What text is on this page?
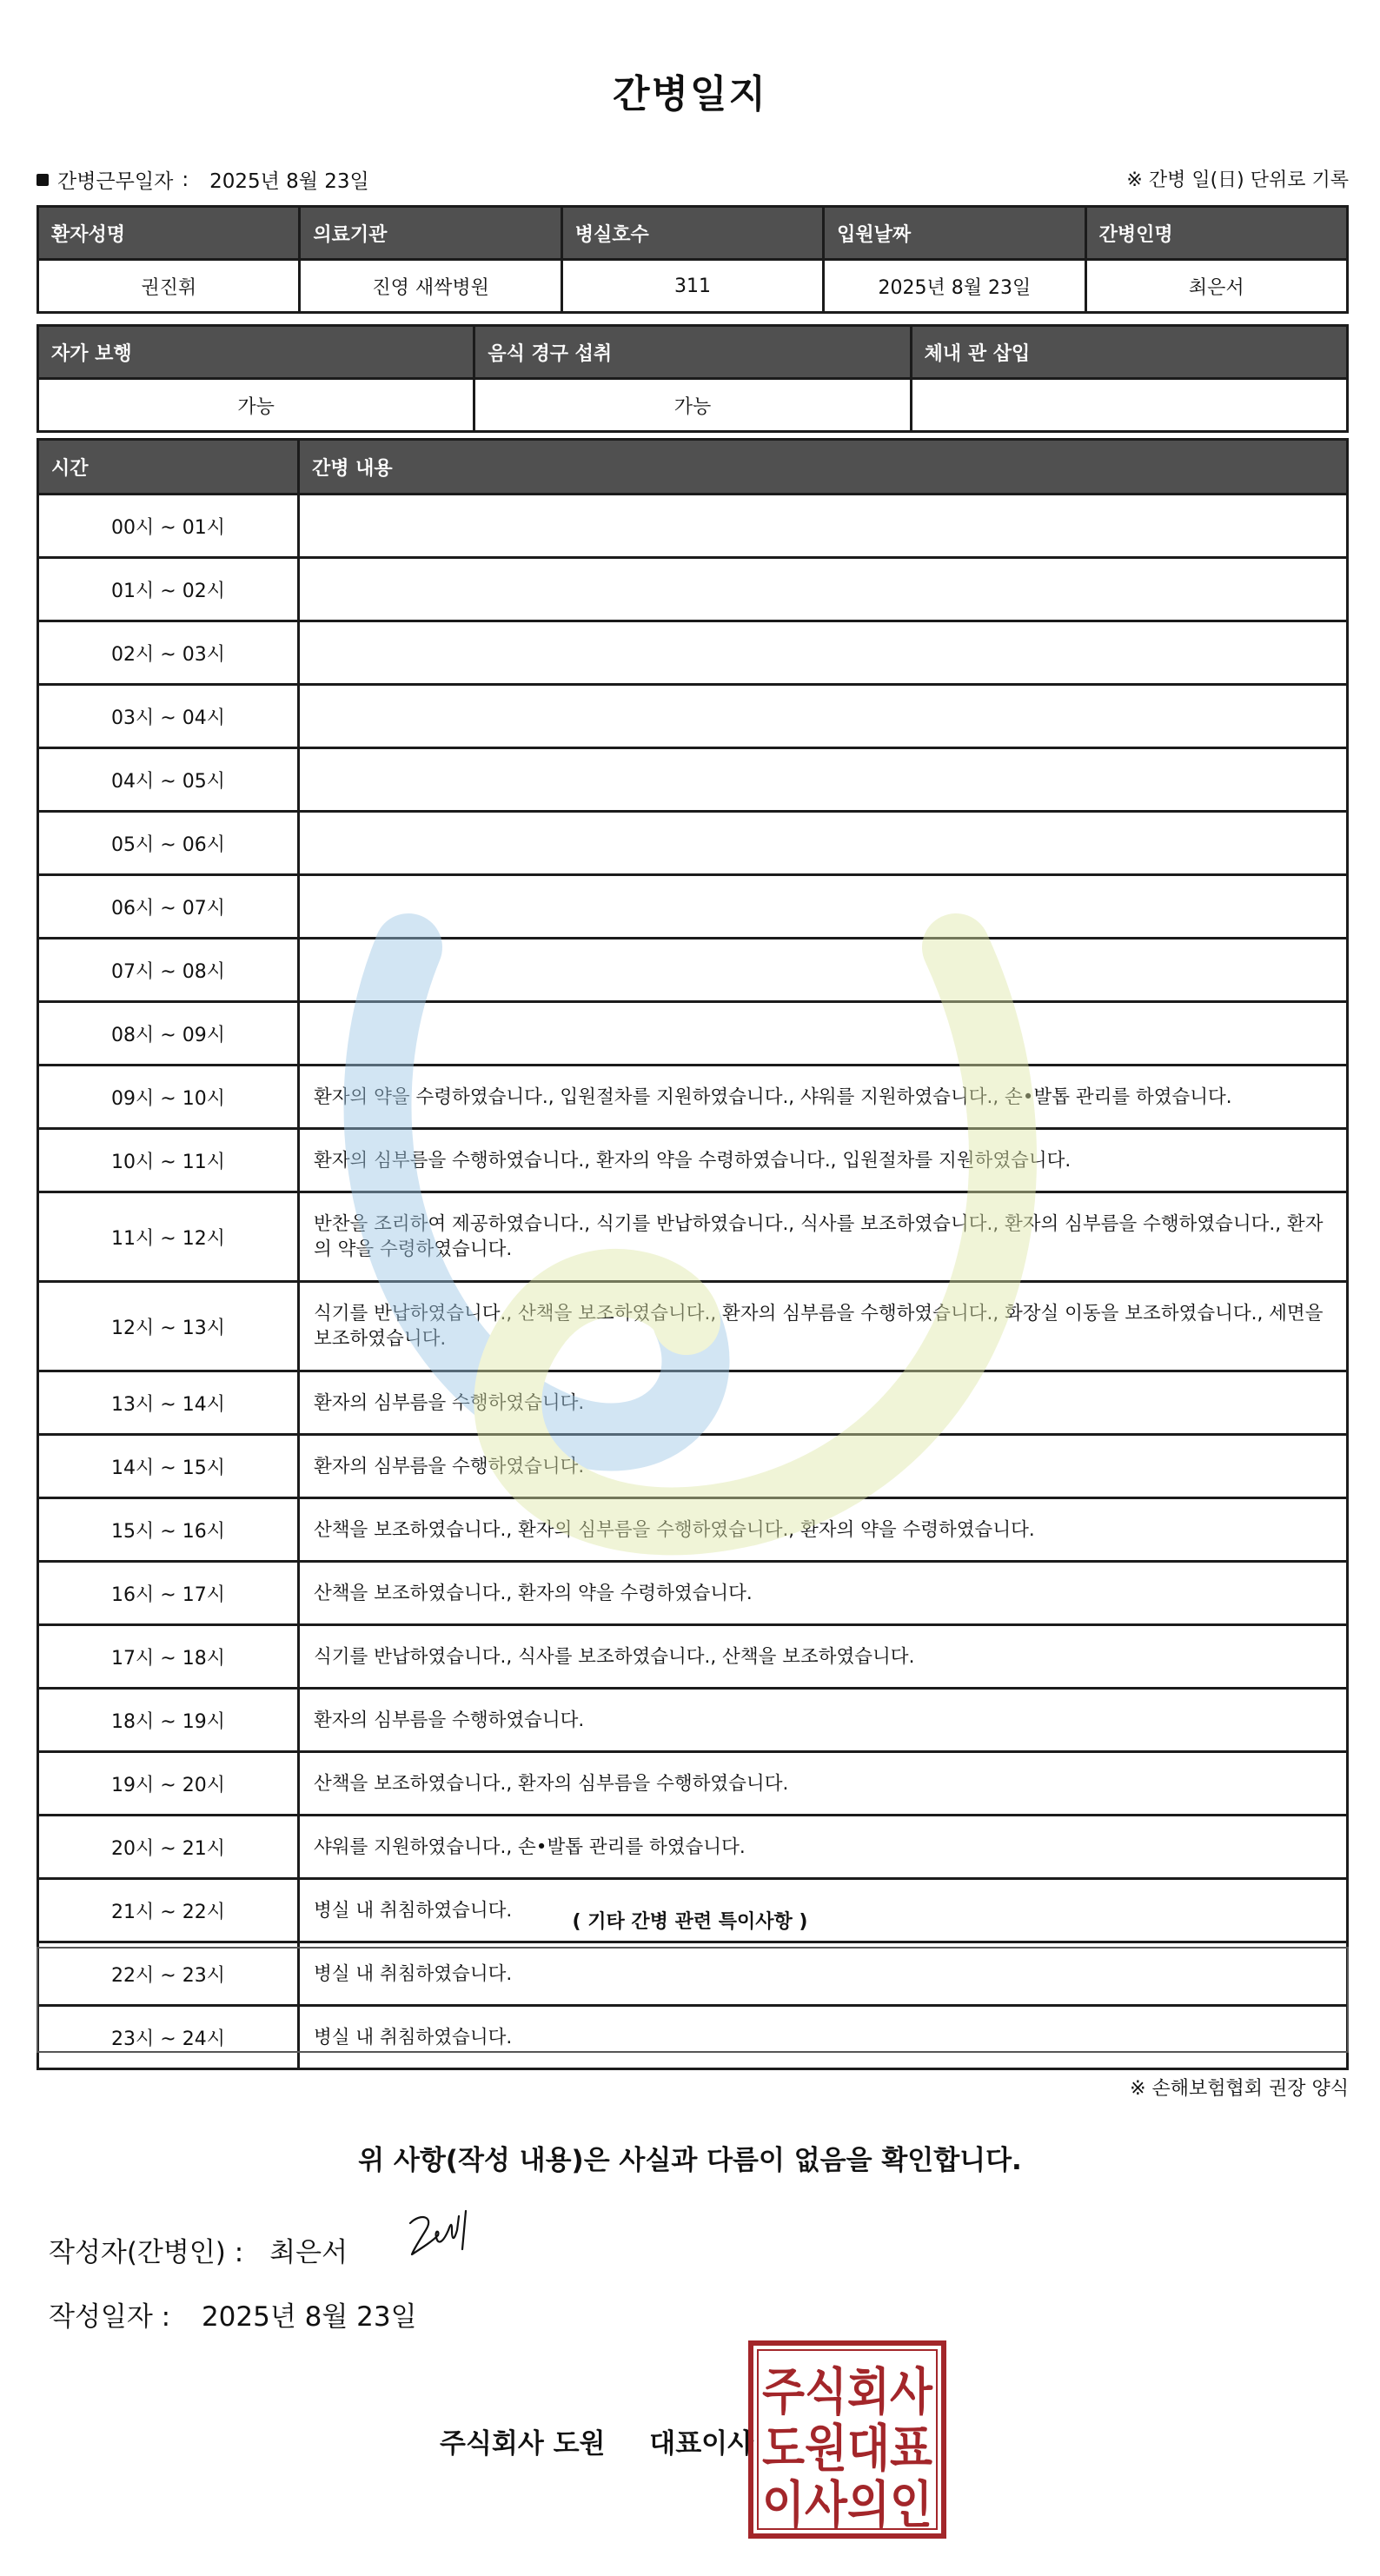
간병일지
간병근무일자 : 2025년 8월 23일	※ 간병 일(日) 단위로 기록
환자성명	의료기관	병실호수	입원날짜	간병인명
권진휘	진영 새싹병원	311	2025년 8월 23일	최은서
자가 보행	음식 경구 섭취	체내 관 삽입
가능	가능	
시간	간병 내용
00시 ~ 01시	
01시 ~ 02시	
02시 ~ 03시	
03시 ~ 04시	
04시 ~ 05시	
05시 ~ 06시	
06시 ~ 07시	
07시 ~ 08시	
08시 ~ 09시	
09시 ~ 10시	환자의 약을 수령하였습니다., 입원절차를 지원하였습니다., 샤워를 지원하였습니다., 손•발톱 관리를 하였습니다.
10시 ~ 11시	환자의 심부름을 수행하였습니다., 환자의 약을 수령하였습니다., 입원절차를 지원하였습니다.
11시 ~ 12시	반찬을 조리하여 제공하였습니다., 식기를 반납하였습니다., 식사를 보조하였습니다., 환자의 심부름을 수행하였습니다., 환자의 약을 수령하였습니다.
12시 ~ 13시	식기를 반납하였습니다., 산책을 보조하였습니다., 환자의 심부름을 수행하였습니다., 화장실 이동을 보조하였습니다., 세면을 보조하였습니다.
13시 ~ 14시	환자의 심부름을 수행하였습니다.
14시 ~ 15시	환자의 심부름을 수행하였습니다.
15시 ~ 16시	산책을 보조하였습니다., 환자의 심부름을 수행하였습니다., 환자의 약을 수령하였습니다.
16시 ~ 17시	산책을 보조하였습니다., 환자의 약을 수령하였습니다.
17시 ~ 18시	식기를 반납하였습니다., 식사를 보조하였습니다., 산책을 보조하였습니다.
18시 ~ 19시	환자의 심부름을 수행하였습니다.
19시 ~ 20시	산책을 보조하였습니다., 환자의 심부름을 수행하였습니다.
20시 ~ 21시	샤워를 지원하였습니다., 손•발톱 관리를 하였습니다.
21시 ~ 22시	병실 내 취침하였습니다.
22시 ~ 23시	병실 내 취침하였습니다.
23시 ~ 24시	병실 내 취침하였습니다.
( 기타 간병 관련 특이사항 )
※ 손해보험협회 권장 양식
위 사항(작성 내용)은 사실과 다름이 없음을 확인합니다.
작성자(간병인) : 최은서
작성일자 : 2025년 8월 23일
주식회사 도원 대표이사
주식회사
도원대표
이사의인
